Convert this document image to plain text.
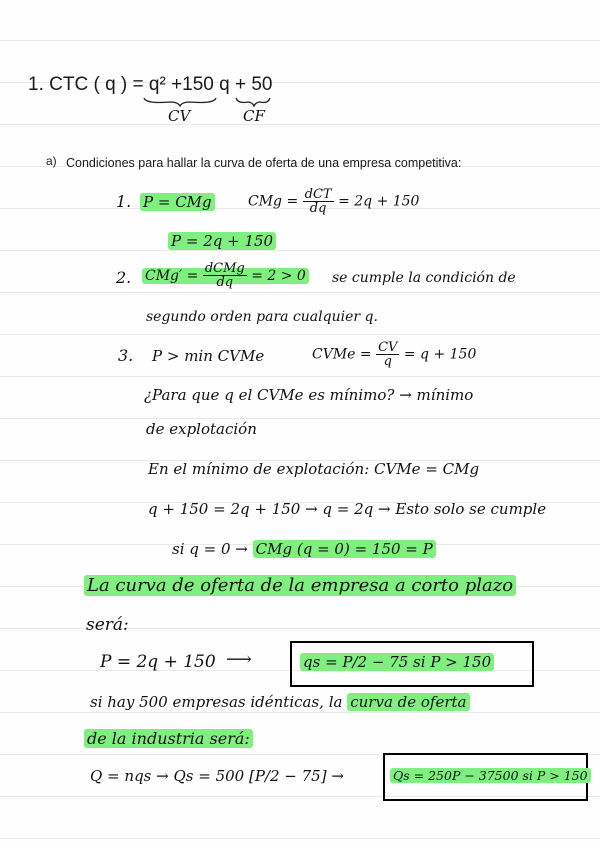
1. CTC ( q ) = q² +150 q + 50
CV	CF
a) Condiciones para hallar la curva de oferta de una empresa competitiva:
1. P = CMg	CMg = $\frac{\text{dCT}}{dq} = 2q + 150$
P = 2q + 150
2. $CMg' = \frac{\text{dCMg}}{dq} = 2 > 0$ se cumple la condición de
segundo orden para cualquier q.
3. P > min CVMe	CVMe = $\frac{CV}{q} = q + 150$
¿Para que q el CVMe es mínimo? → mínimo
de explotación
En el mínimo de explotación: CVMe = CMg
q + 150 = 2q + 150 → q = 2q → Esto solo se cumple
si q = 0 → CMg (q = 0) = 150 = P
La curva de oferta de la empresa a corto plazo
será:
P = 2q + 150 ⟶	qs = P/2 − 75 si P > 150
si hay 500 empresas idénticas, la curva de oferta
de la industria será:
Q = nqs → Qs = 500 [P/2 − 75] →	Qs = 250P − 37500 si P > 150
